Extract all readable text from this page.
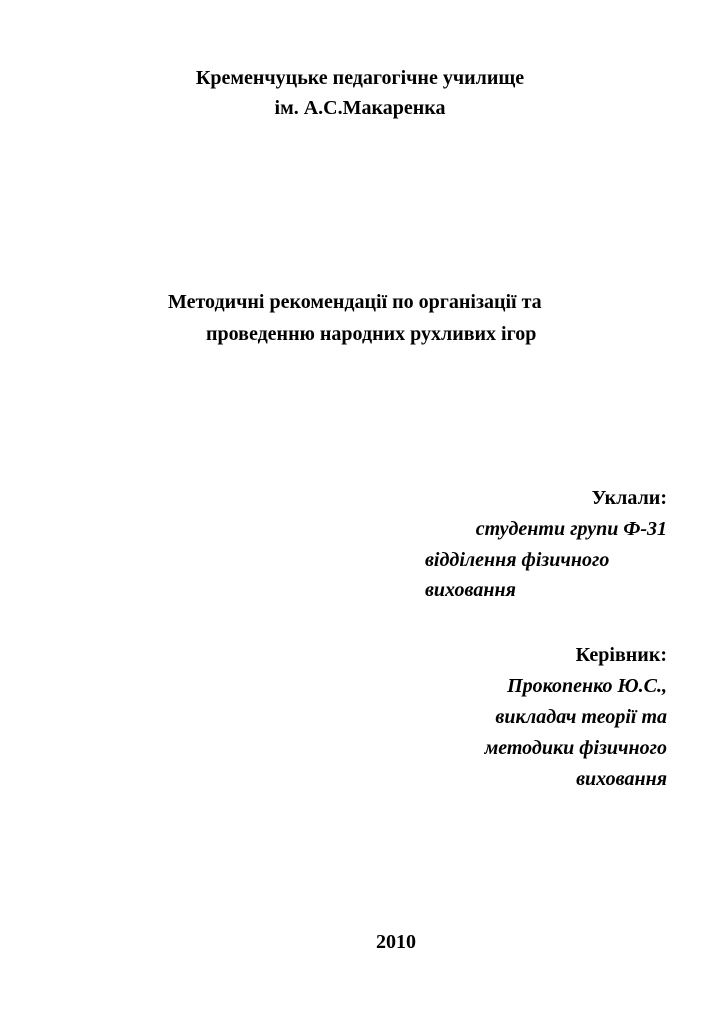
Кременчуцьке педагогічне училище
ім. А.С.Макаренка
Методичні рекомендації по організації та
проведенню народних рухливих ігор
Уклали:
студенти групи Ф-31
відділення фізичного
виховання
Керівник:
Прокопенко Ю.С.,
викладач теорії та
методики фізичного
виховання
2010
